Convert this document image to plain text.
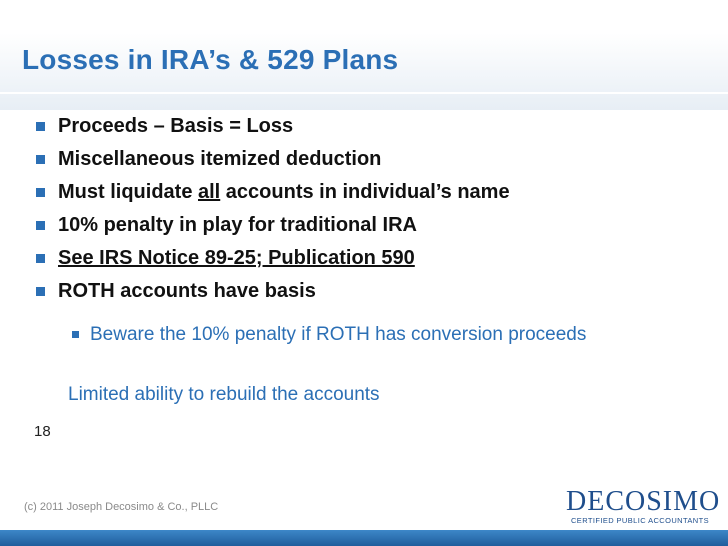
Losses in IRA’s & 529 Plans
Proceeds – Basis = Loss
Miscellaneous itemized deduction
Must liquidate all accounts in individual’s name
10% penalty in play for traditional IRA
See IRS Notice 89-25; Publication 590
ROTH accounts have basis
Beware the 10% penalty if ROTH has conversion proceeds
Limited ability to rebuild the accounts
18
(c) 2011 Joseph Decosimo & Co., PLLC	DECOSIMO
CERTIFIED PUBLIC ACCOUNTANTS
